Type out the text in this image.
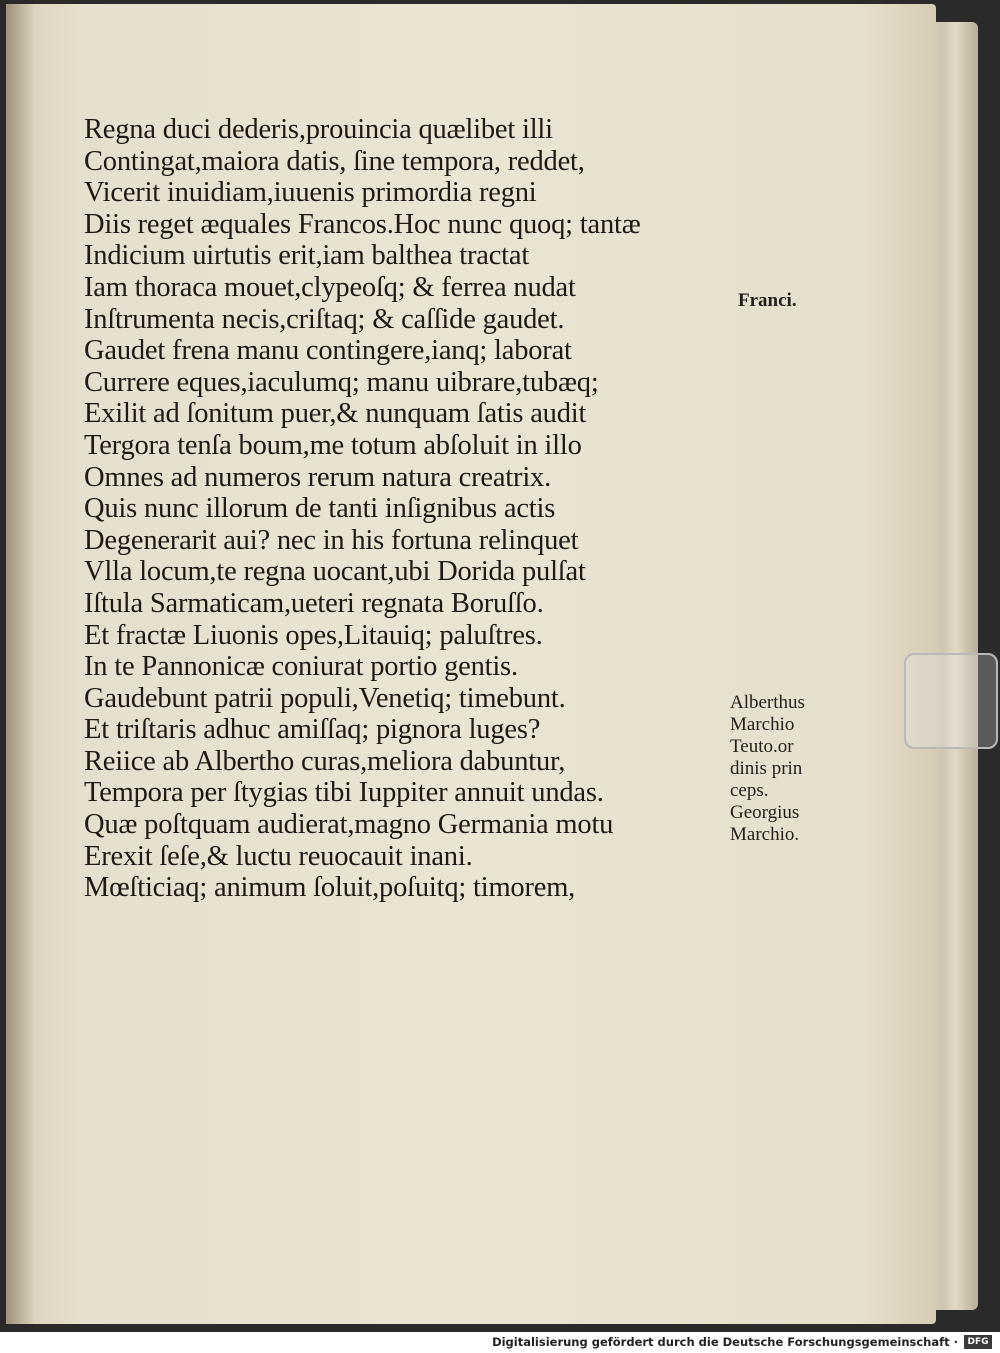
Regna duci dederis,prouincia quælibet illi
Contingat,maiora datis, ſine tempora, reddet,
Vicerit inuidiam,iuuenis primordia regni
Diis reget æquales Francos.Hoc nunc quoq; tantæ
Indicium uirtutis erit,iam balthea tractat
Iam thoraca mouet,clypeoſq; & ferrea nudat
Inſtrumenta necis,criſtaq; & caſſide gaudet.
Gaudet frena manu contingere,ianq; laborat
Currere eques,iaculumq; manu uibrare,tubæq;
Exilit ad ſonitum puer,& nunquam ſatis audit
Tergora tenſa boum,me totum abſoluit in illo
Omnes ad numeros rerum natura creatrix.
Quis nunc illorum de tanti inſignibus actis
Degenerarit aui? nec in his fortuna relinquet
Vlla locum,te regna uocant,ubi Dorida pulſat
Iſtula Sarmaticam,ueteri regnata Boruſſo.
Et fractæ Liuonis opes,Litauiq; paluſtres.
In te Pannonicæ coniurat portio gentis.
Gaudebunt patrii populi,Venetiq; timebunt.
Et triſtaris adhuc amiſſaq; pignora luges?
Reiice ab Albertho curas,meliora dabuntur,
Tempora per ſtygias tibi Iuppiter annuit undas.
Quæ poſtquam audierat,magno Germania motu
Erexit ſeſe,& luctu reuocauit inani.
Mœſticiaq; animum ſoluit,poſuitq; timorem,
Franci.
Alberthus
Marchio
Teuto.or
dinis prin
ceps.
Georgius
Marchio.
Digitalisierung gefördert durch die Deutsche Forschungsgemeinschaft ·	DFG
